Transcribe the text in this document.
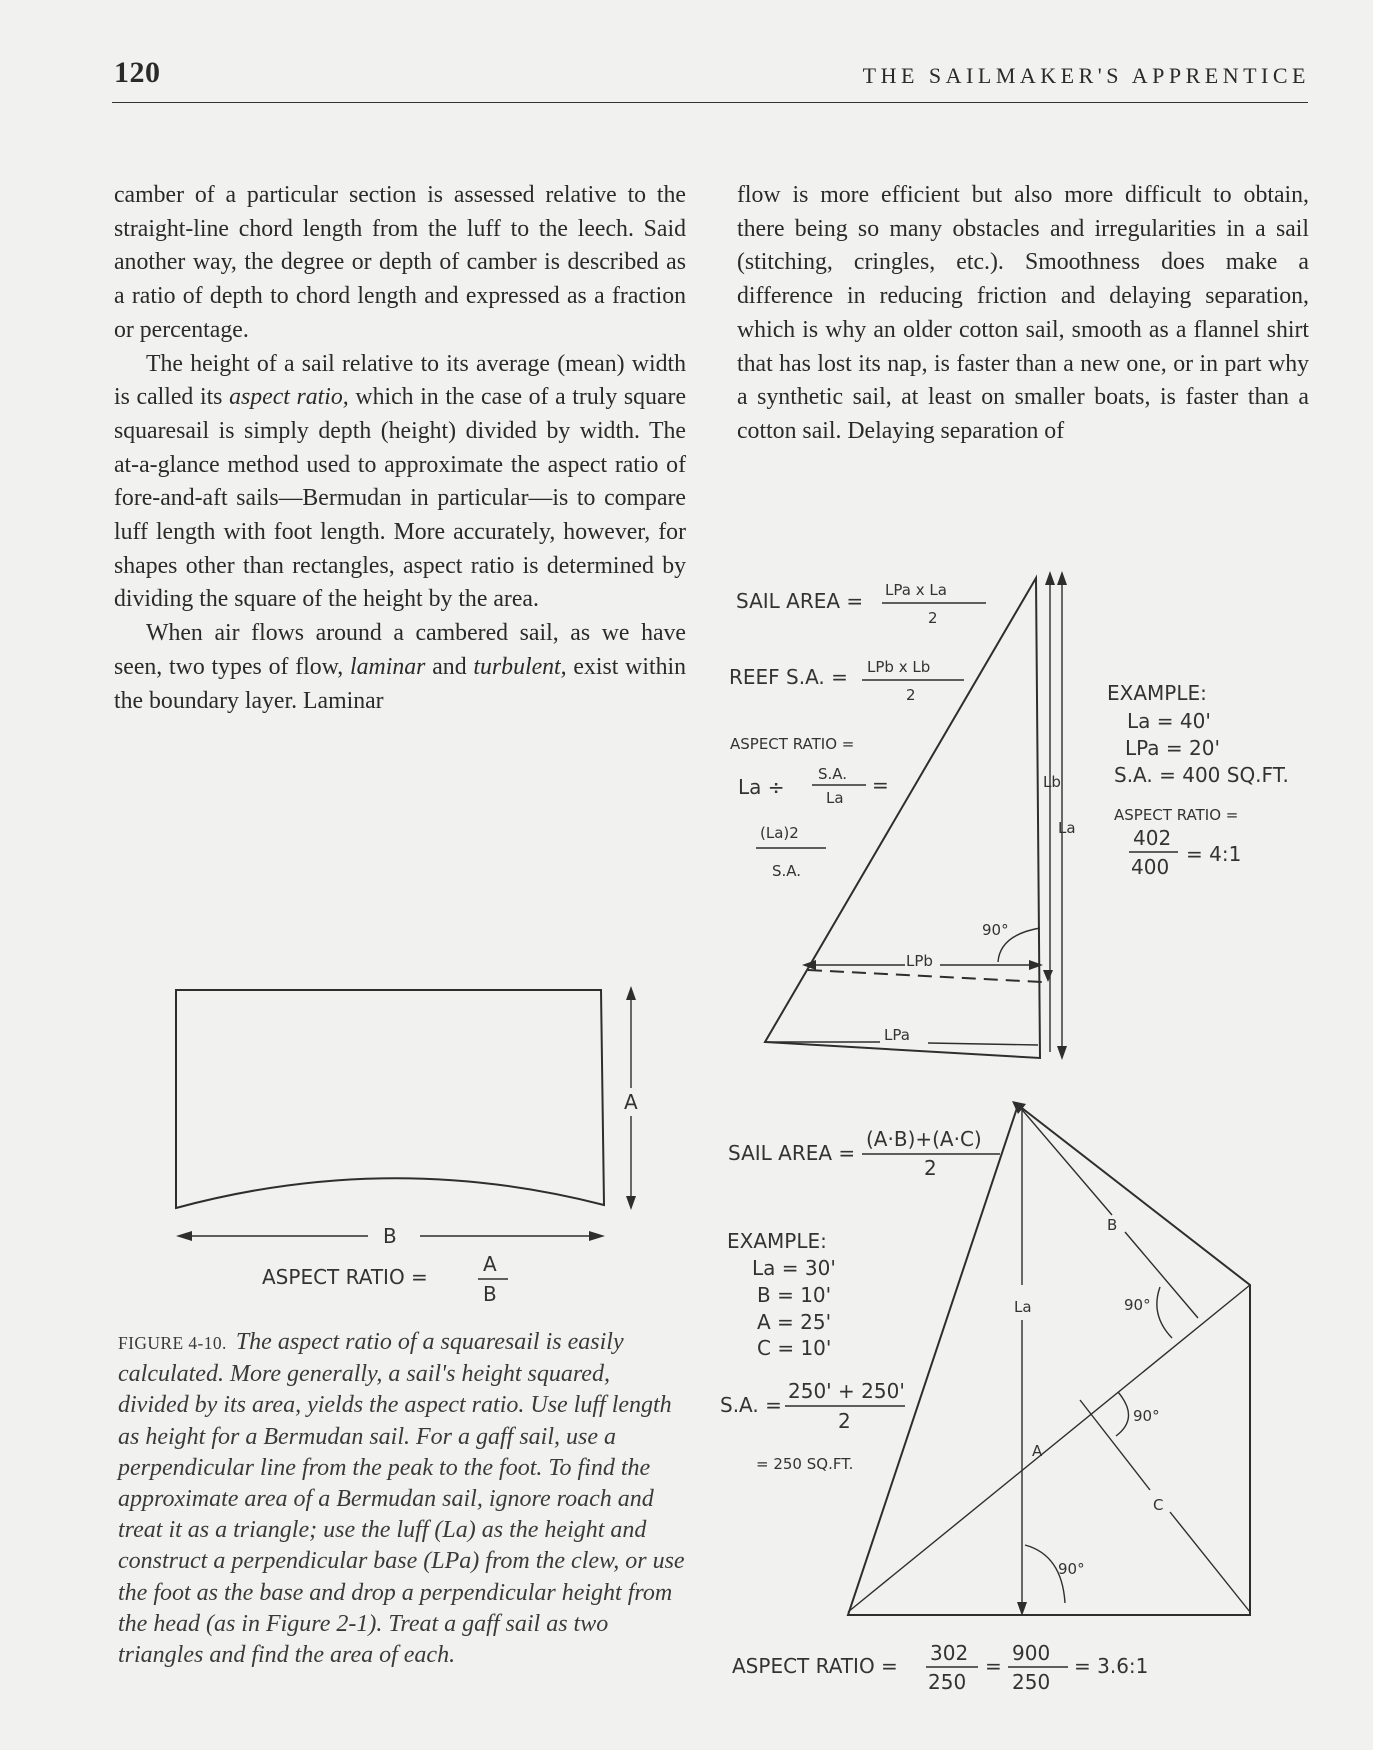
120	THE SAILMAKER'S APPRENTICE

camber of a particular section is assessed relative to the straight-line chord length from the luff to the leech. Said another way, the degree or depth of camber is described as a ratio of depth to chord length and expressed as a fraction or percentage.

The height of a sail relative to its average (mean) width is called its aspect ratio, which in the case of a truly square squaresail is simply depth (height) divided by width. The at-a-glance method used to approximate the aspect ratio of fore-and-aft sails—Bermudan in particular—is to compare luff length with foot length. More accurately, however, for shapes other than rectangles, aspect ratio is determined by dividing the square of the height by the area.

When air flows around a cambered sail, as we have seen, two types of flow, laminar and turbulent, exist within the boundary layer. Laminar

flow is more efficient but also more difficult to obtain, there being so many obstacles and irregularities in a sail (stitching, cringles, etc.). Smoothness does make a difference in reducing friction and delaying separation, which is why an older cotton sail, smooth as a flannel shirt that has lost its nap, is faster than a new one, or in part why a synthetic sail, at least on smaller boats, is faster than a cotton sail. Delaying separation of

A
B
ASPECT RATIO =
A
B
Lb
La
LPb
90°
LPa
SAIL AREA = LPa x La
2
REEF S.A. = LPb x Lb
2
ASPECT RATIO =
La ÷
S.A.
La
=
(La)2
S.A.
EXAMPLE:
La = 40'
LPa = 20'
S.A. = 400 SQ.FT.
ASPECT RATIO =
402
400
= 4:1
La
B
C
A
90°
90°
90°
SAIL AREA =
(A·B)+(A·C)
2
EXAMPLE:
La = 30'
B = 10'
A = 25'
C = 10'
S.A. =
250' + 250'
2
= 250 SQ.FT.
ASPECT RATIO =
302
250
=
900
250
= 3.6:1
FIGURE 4-10. The aspect ratio of a squaresail is easily calculated. More generally, a sail's height squared, divided by its area, yields the aspect ratio. Use luff length as height for a Bermudan sail. For a gaff sail, use a perpendicular line from the peak to the foot. To find the approximate area of a Bermudan sail, ignore roach and treat it as a triangle; use the luff (La) as the height and construct a perpendicular base (LPa) from the clew, or use the foot as the base and drop a perpendicular height from the head (as in Figure 2-1). Treat a gaff sail as two triangles and find the area of each.
